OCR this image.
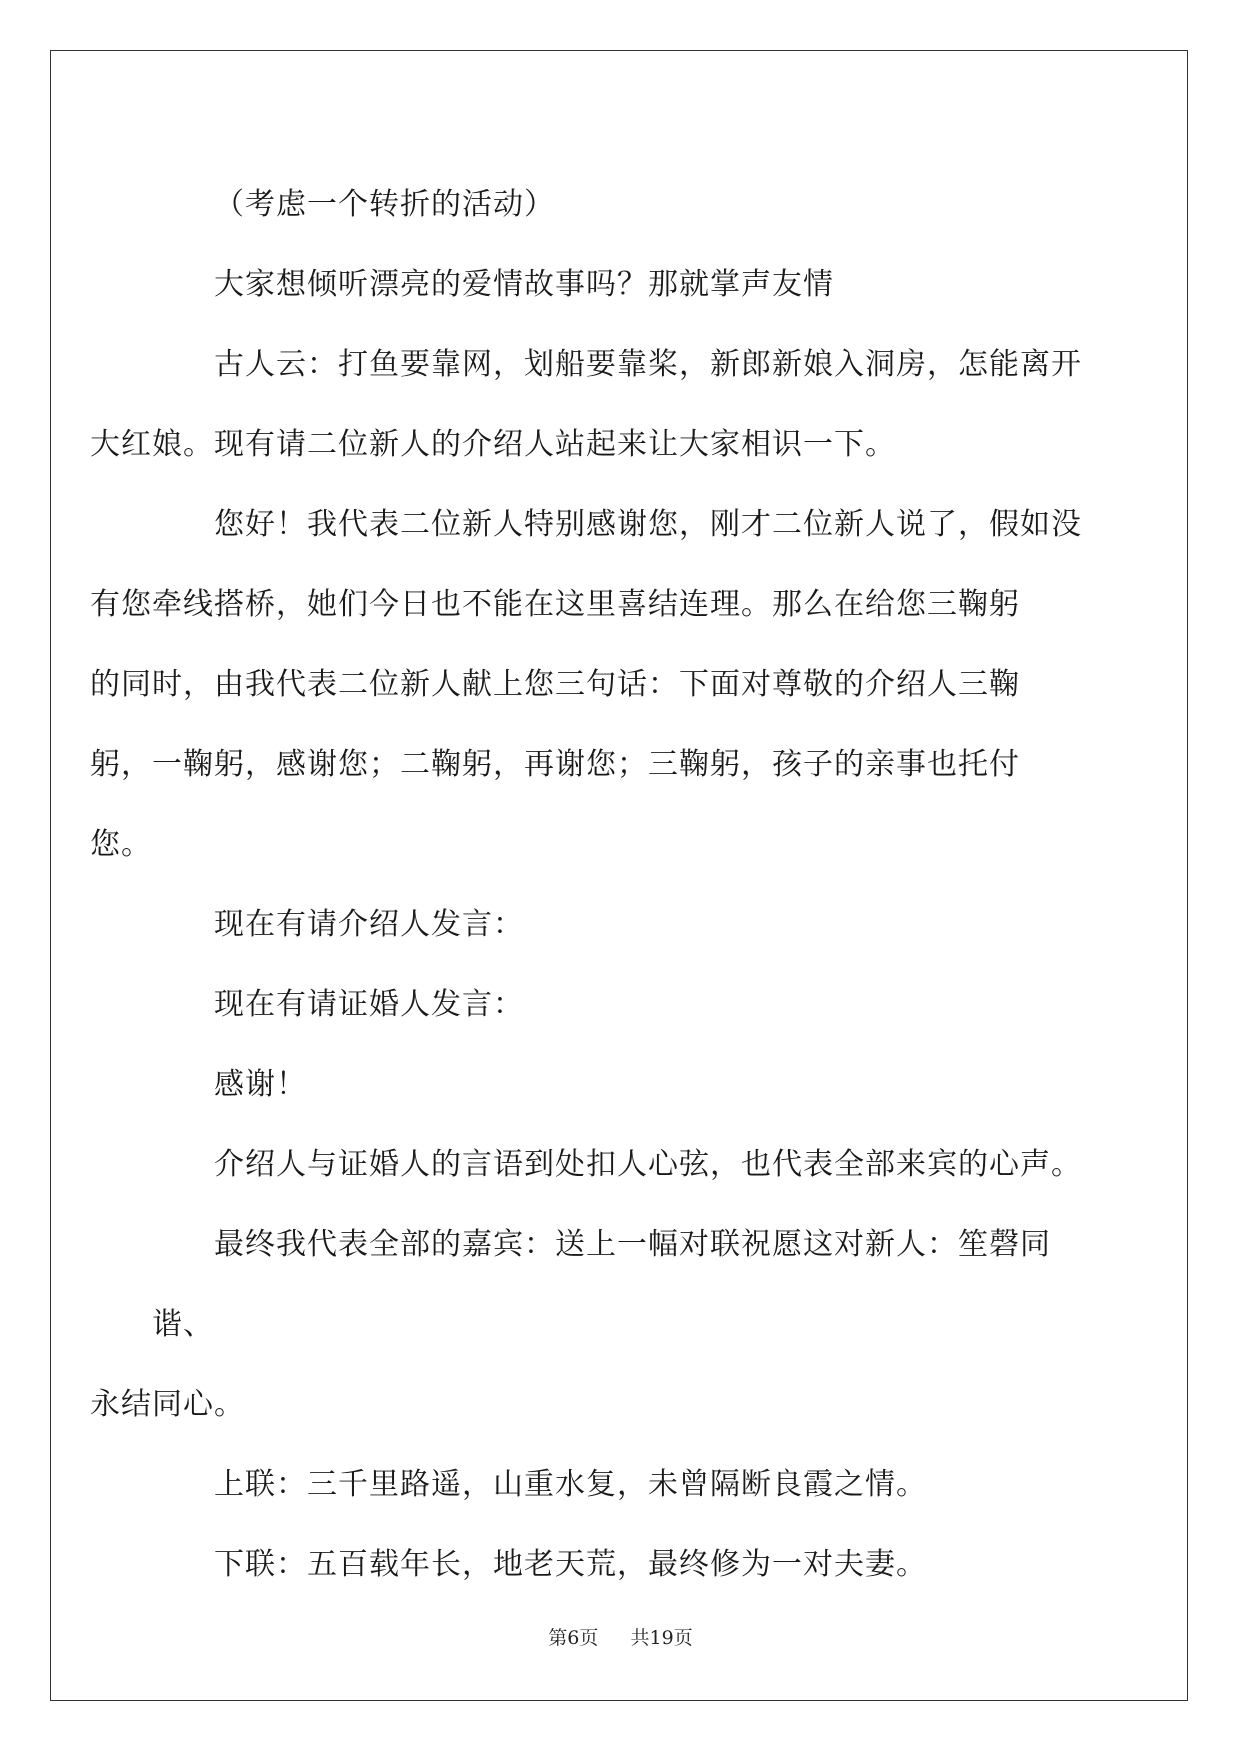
（考虑一个转折的活动）

大家想倾听漂亮的爱情故事吗？那就掌声友情

古人云：打鱼要靠网，划船要靠桨，新郎新娘入洞房，怎能离开
大红娘。现有请二位新人的介绍人站起来让大家相识一下。

您好！我代表二位新人特别感谢您，刚才二位新人说了，假如没
有您牵线搭桥，她们今日也不能在这里喜结连理。那么在给您三鞠躬
的同时，由我代表二位新人献上您三句话：下面对尊敬的介绍人三鞠
躬，一鞠躬，感谢您；二鞠躬，再谢您；三鞠躬，孩子的亲事也托付
您。

现在有请介绍人发言：

现在有请证婚人发言：

感谢！

介绍人与证婚人的言语到处扣人心弦，也代表全部来宾的心声。

最终我代表全部的嘉宾：送上一幅对联祝愿这对新人：笙磬同谐、
永结同心。

上联：三千里路遥，山重水复，未曾隔断良霞之情。

下联：五百载年长，地老天荒，最终修为一对夫妻。

第6页 共19页
